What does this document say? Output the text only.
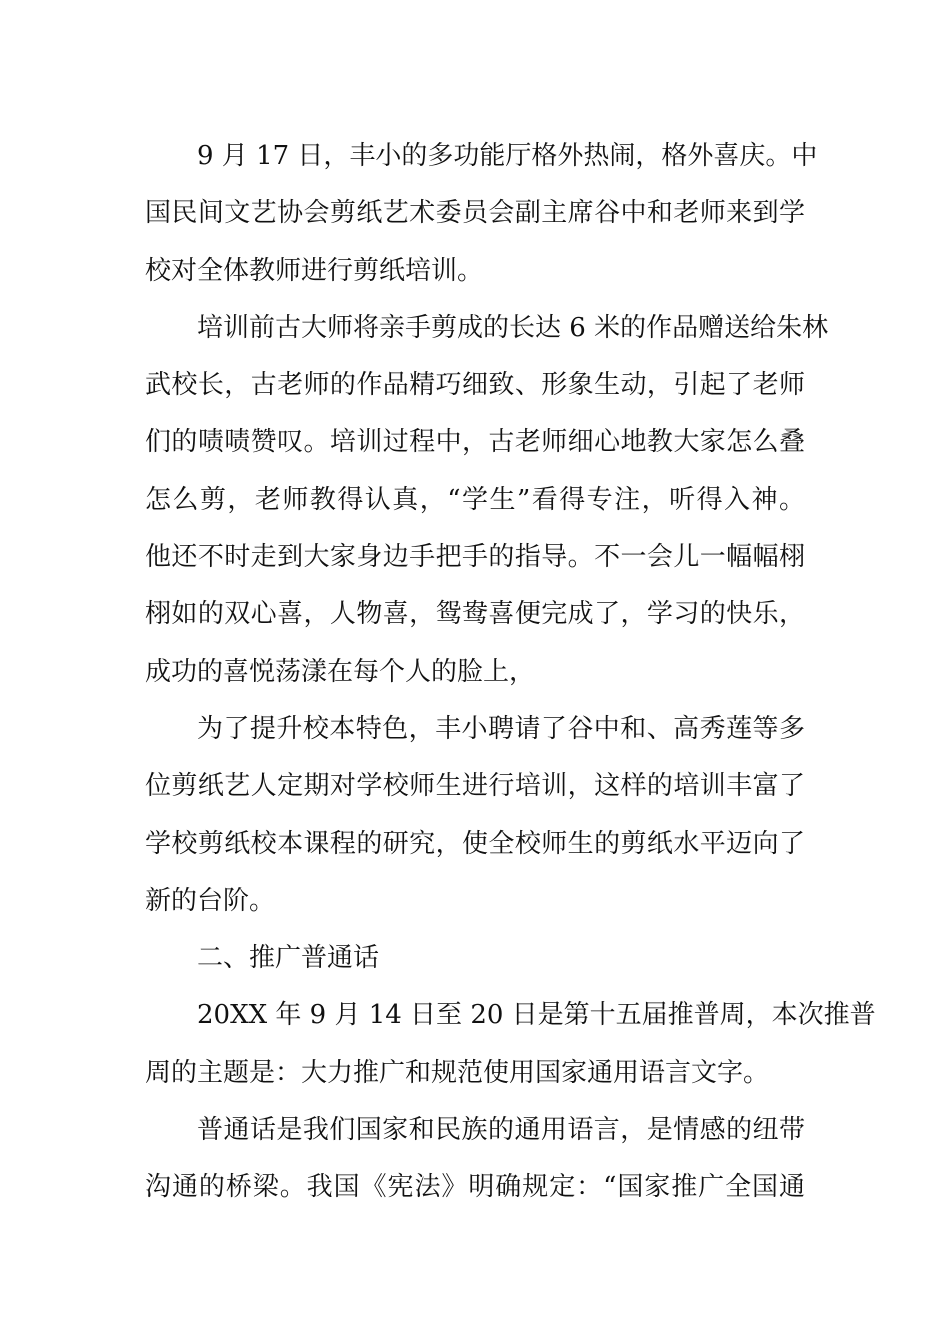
9 月 17 日，丰小的多功能厅格外热闹，格外喜庆。中
国民间文艺协会剪纸艺术委员会副主席谷中和老师来到学
校对全体教师进行剪纸培训。
培训前古大师将亲手剪成的长达 6 米的作品赠送给朱林
武校长，古老师的作品精巧细致、形象生动，引起了老师
们的啧啧赞叹。培训过程中，古老师细心地教大家怎么叠
怎么剪，老师教得认真，“学生”看得专注，听得入神。
他还不时走到大家身边手把手的指导。不一会儿一幅幅栩
栩如的双心喜，人物喜，鸳鸯喜便完成了，学习的快乐，
成功的喜悦荡漾在每个人的脸上，
为了提升校本特色，丰小聘请了谷中和、高秀莲等多
位剪纸艺人定期对学校师生进行培训，这样的培训丰富了
学校剪纸校本课程的研究，使全校师生的剪纸水平迈向了
新的台阶。
二、推广普通话
20XX 年 9 月 14 日至 20 日是第十五届推普周，本次推普
周的主题是：大力推广和规范使用国家通用语言文字。
普通话是我们国家和民族的通用语言，是情感的纽带
沟通的桥梁。我国《宪法》明确规定：“国家推广全国通
